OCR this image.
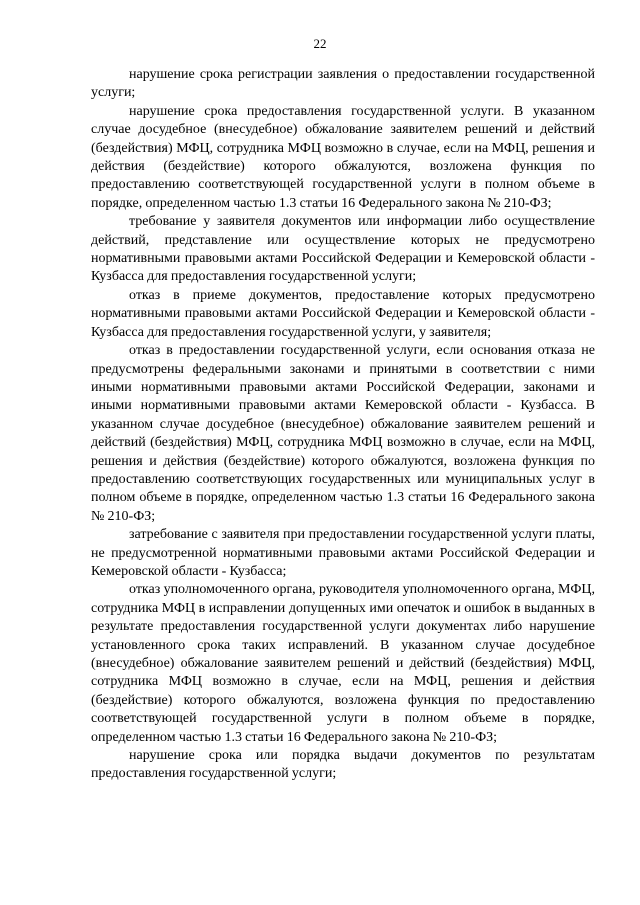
22

нарушение срока регистрации заявления о предоставлении государственной услуги;

нарушение срока предоставления государственной услуги. В указанном случае досудебное (внесудебное) обжалование заявителем решений и действий (бездействия) МФЦ, сотрудника МФЦ возможно в случае, если на МФЦ, решения и действия (бездействие) которого обжалуются, возложена функция по предоставлению соответствующей государственной услуги в полном объеме в порядке, определенном частью 1.3 статьи 16 Федерального закона № 210-ФЗ;

требование у заявителя документов или информации либо осуществление действий, представление или осуществление которых не предусмотрено нормативными правовыми актами Российской Федерации и Кемеровской области - Кузбасса для предоставления государственной услуги;

отказ в приеме документов, предоставление которых предусмотрено нормативными правовыми актами Российской Федерации и Кемеровской области - Кузбасса для предоставления государственной услуги, у заявителя;

отказ в предоставлении государственной услуги, если основания отказа не предусмотрены федеральными законами и принятыми в соответствии с ними иными нормативными правовыми актами Российской Федерации, законами и иными нормативными правовыми актами Кемеровской области - Кузбасса. В указанном случае досудебное (внесудебное) обжалование заявителем решений и действий (бездействия) МФЦ, сотрудника МФЦ возможно в случае, если на МФЦ, решения и действия (бездействие) которого обжалуются, возложена функция по предоставлению соответствующих государственных или муниципальных услуг в полном объеме в порядке, определенном частью 1.3 статьи 16 Федерального закона № 210-ФЗ;

затребование с заявителя при предоставлении государственной услуги платы, не предусмотренной нормативными правовыми актами Российской Федерации и Кемеровской области - Кузбасса;

отказ уполномоченного органа, руководителя уполномоченного органа, МФЦ, сотрудника МФЦ в исправлении допущенных ими опечаток и ошибок в выданных в результате предоставления государственной услуги документах либо нарушение установленного срока таких исправлений. В указанном случае досудебное (внесудебное) обжалование заявителем решений и действий (бездействия) МФЦ, сотрудника МФЦ возможно в случае, если на МФЦ, решения и действия (бездействие) которого обжалуются, возложена функция по предоставлению соответствующей государственной услуги в полном объеме в порядке, определенном частью 1.3 статьи 16 Федерального закона № 210-ФЗ;

нарушение срока или порядка выдачи документов по результатам предоставления государственной услуги;
